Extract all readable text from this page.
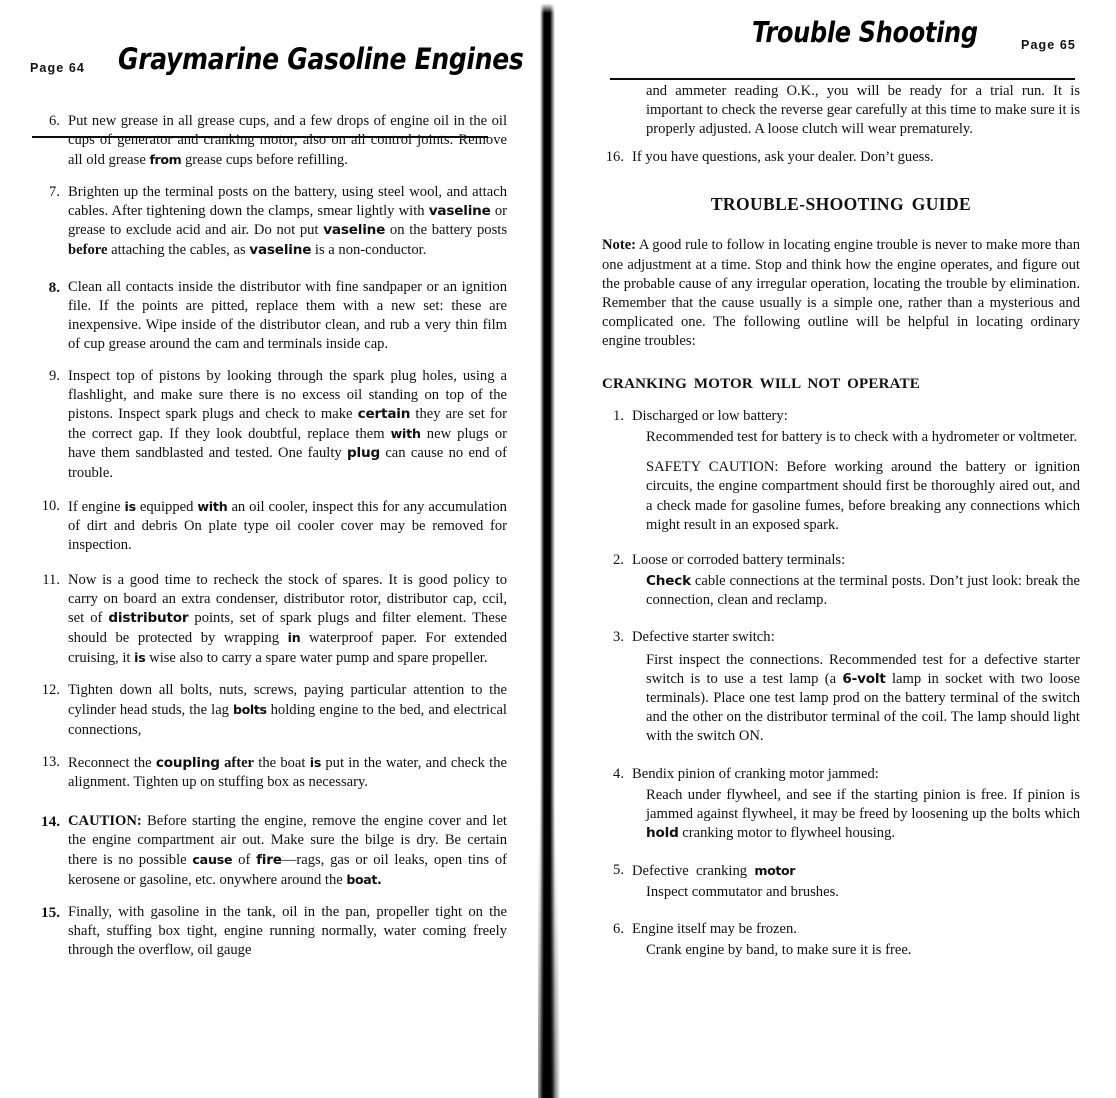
Page 64 Graymarine Gasoline Engines
6. Put new grease in all grease cups, and a few drops of engine oil in the oil cups of generator and cranking motor, also on all control joints. Remove all old grease from grease cups before refilling.
7. Brighten up the terminal posts on the battery, using steel wool, and attach cables. After tightening down the clamps, smear lightly with vaseline or grease to exclude acid and air. Do not put vaseline on the battery posts before attaching the cables, as vaseline is a non-conductor.
8. Clean all contacts inside the distributor with fine sandpaper or an ignition file. If the points are pitted, replace them with a new set: these are inexpensive. Wipe inside of the distributor clean, and rub a very thin film of cup grease around the cam and terminals inside cap.
9. Inspect top of pistons by looking through the spark plug holes, using a flashlight, and make sure there is no excess oil standing on top of the pistons. Inspect spark plugs and check to make certain they are set for the correct gap. If they look doubtful, replace them with new plugs or have them sandblasted and tested. One faulty plug can cause no end of trouble.
10. If engine is equipped with an oil cooler, inspect this for any accumulation of dirt and debris On plate type oil cooler cover may be removed for inspection.
11. Now is a good time to recheck the stock of spares. It is good policy to carry on board an extra condenser, distributor rotor, distributor cap, ccil, set of distributor points, set of spark plugs and filter element. These should be protected by wrapping in waterproof paper. For extended cruising, it is wise also to carry a spare water pump and spare propeller.
12. Tighten down all bolts, nuts, screws, paying particular attention to the cylinder head studs, the lag bolts holding engine to the bed, and electrical connections,
13. Reconnect the coupling after the boat is put in the water, and check the alignment. Tighten up on stuffing box as necessary.
14. CAUTION: Before starting the engine, remove the engine cover and let the engine compartment air out. Make sure the bilge is dry. Be certain there is no possible cause of fire—rags, gas or oil leaks, open tins of kerosene or gasoline, etc. onywhere around the boat.
15. Finally, with gasoline in the tank, oil in the pan, propeller tight on the shaft, stuffing box tight, engine running normally, water coming freely through the overflow, oil gauge
Trouble Shooting	Page 65

and ammeter reading O.K., you will be ready for a trial run. It is important to check the reverse gear carefully at this time to make sure it is properly adjusted. A loose clutch will wear prematurely.

16. If you have questions, ask your dealer. Don’t guess.
TROUBLE-SHOOTING GUIDE

Note: A good rule to follow in locating engine trouble is never to make more than one adjustment at a time. Stop and think how the engine operates, and figure out the probable cause of any irregular operation, locating the trouble by elimination. Remember that the cause usually is a simple one, rather than a mysterious and complicated one. The following outline will be helpful in locating ordinary engine troubles:

CRANKING MOTOR WILL NOT OPERATE
1. Discharged or low battery:

Recommended test for battery is to check with a hydrometer or voltmeter.

SAFETY CAUTION: Before working around the battery or ignition circuits, the engine compartment should first be thoroughly aired out, and a check made for gasoline fumes, before breaking any connections which might result in an exposed spark.

2. Loose or corroded battery terminals:

Check cable connections at the terminal posts. Don’t just look: break the connection, clean and reclamp.

3. Defective starter switch:

First inspect the connections. Recommended test for a defective starter switch is to use a test lamp (a 6-volt lamp in socket with two loose terminals). Place one test lamp prod on the battery terminal of the switch and the other on the distributor terminal of the coil. The lamp should light with the switch ON.

4. Bendix pinion of cranking motor jammed:

Reach under flywheel, and see if the starting pinion is free. If pinion is jammed against flywheel, it may be freed by loosening up the bolts which hold cranking motor to flywheel housing.

5. Defective  cranking  motor

Inspect commutator and brushes.

6. Engine itself may be frozen.

Crank engine by band, to make sure it is free.
